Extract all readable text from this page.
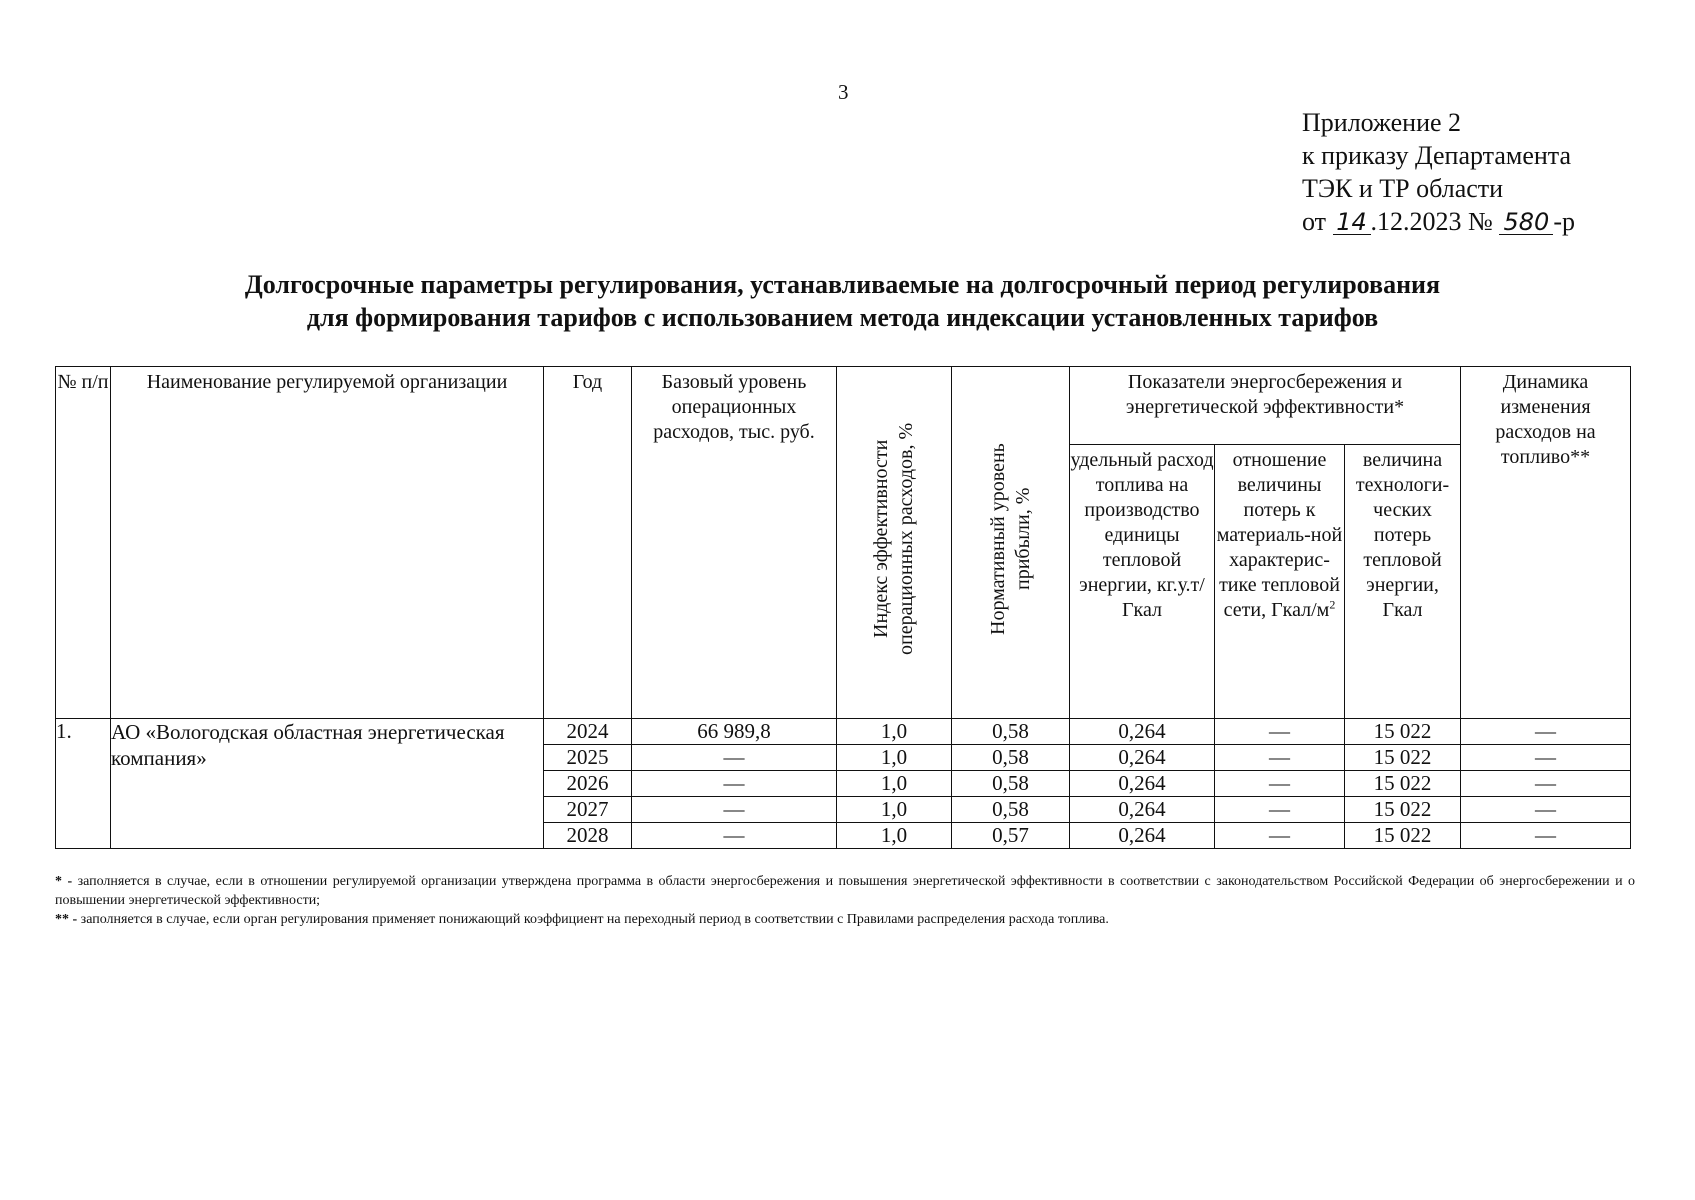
3
Приложение 2
к приказу Департамента
ТЭК и ТР области
от 14 .12.2023 № 580 -р
Долгосрочные параметры регулирования, устанавливаемые на долгосрочный период регулирования
для формирования тарифов с использованием метода индексации установленных тарифов
№ п/п	Наименование регулируемой организации	Год	Базовый уровень операционных расходов, тыс. руб.	Индекс эффективности операционных расходов, %	Нормативный уровень прибыли, %	Показатели энергосбережения и энергетической эффективности*			Динамика изменения расходов на топливо**
						удельный расход топлива на производство единицы тепловой энергии, кг.у.т/Гкал	отношение величины потерь к материаль-ной характерис-тике тепловой сети, Гкал/$м^2$	величина технологи-ческих потерь тепловой энергии, Гкал	
1.	АО «Вологодская областная энергетическая компания»	2024	66 989,8	1,0	0,58	0,264	—	15 022	—
		2025	—	1,0	0,58	0,264	—	15 022	—
		2026	—	1,0	0,58	0,264	—	15 022	—
		2027	—	1,0	0,58	0,264	—	15 022	—
		2028	—	1,0	0,57	0,264	—	15 022	—

* - заполняется в случае, если в отношении регулируемой организации утверждена программа в области энергосбережения и повышения энергетической эффективности в соответствии с законодательством Российской Федерации об энергосбережении и о повышении энергетической эффективности;

** - заполняется в случае, если орган регулирования применяет понижающий коэффициент на переходный период в соответствии с Правилами распределения расхода топлива.
